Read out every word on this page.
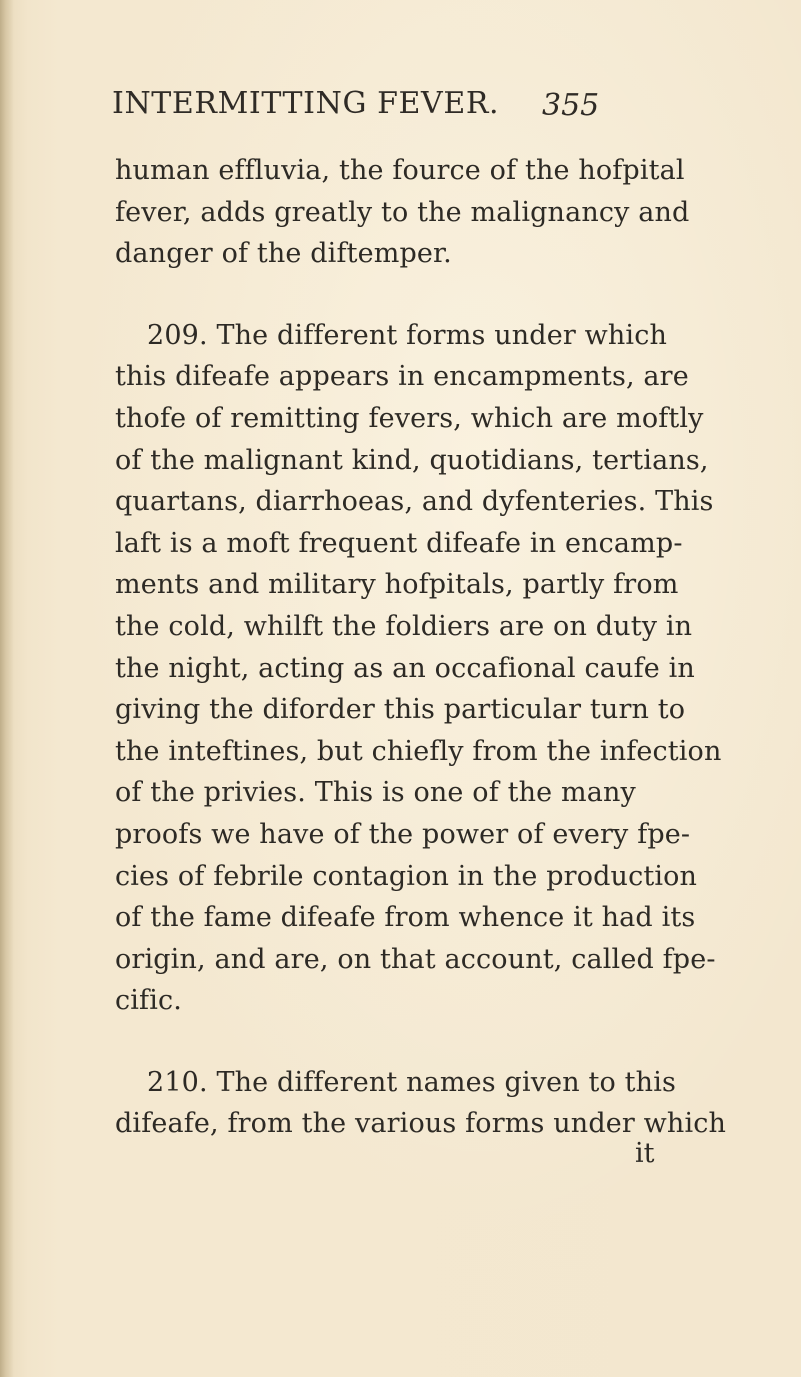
INTERMITTING FEVER. 355
human effluvia, the fource of the hofpital
fever, adds greatly to the malignancy and
danger of the diftemper.
209. The different forms under which
this difeafe appears in encampments, are
thofe of remitting fevers, which are moftly
of the malignant kind, quotidians, tertians,
quartans, diarrhoeas, and dyfenteries. This
laft is a moft frequent difeafe in encamp-
ments and military hofpitals, partly from
the cold, whilft the foldiers are on duty in
the night, acting as an occafional caufe in
giving the diforder this particular turn to
the inteftines, but chiefly from the infection
of the privies. This is one of the many
proofs we have of the power of every fpe-
cies of febrile contagion in the production
of the fame difeafe from whence it had its
origin, and are, on that account, called fpe-
cific.
210. The different names given to this
difeafe, from the various forms under which
it
